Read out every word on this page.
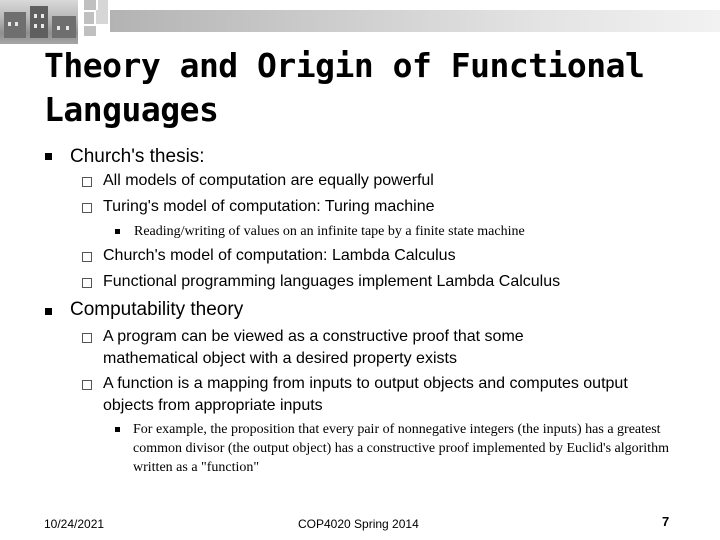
Theory and Origin of Functional Languages
Church's thesis:
All models of computation are equally powerful
Turing's model of computation: Turing machine
Reading/writing of values on an infinite tape by a finite state machine
Church's model of computation: Lambda Calculus
Functional programming languages implement Lambda Calculus
Computability theory
A program can be viewed as a constructive proof that some mathematical object with a desired property exists
A function is a mapping from inputs to output objects and computes output objects from appropriate inputs
For example, the proposition that every pair of nonnegative integers (the inputs) has a greatest common divisor (the output object) has a constructive proof implemented by Euclid's algorithm written as a "function"
10/24/2021	COP4020 Spring 2014	7
